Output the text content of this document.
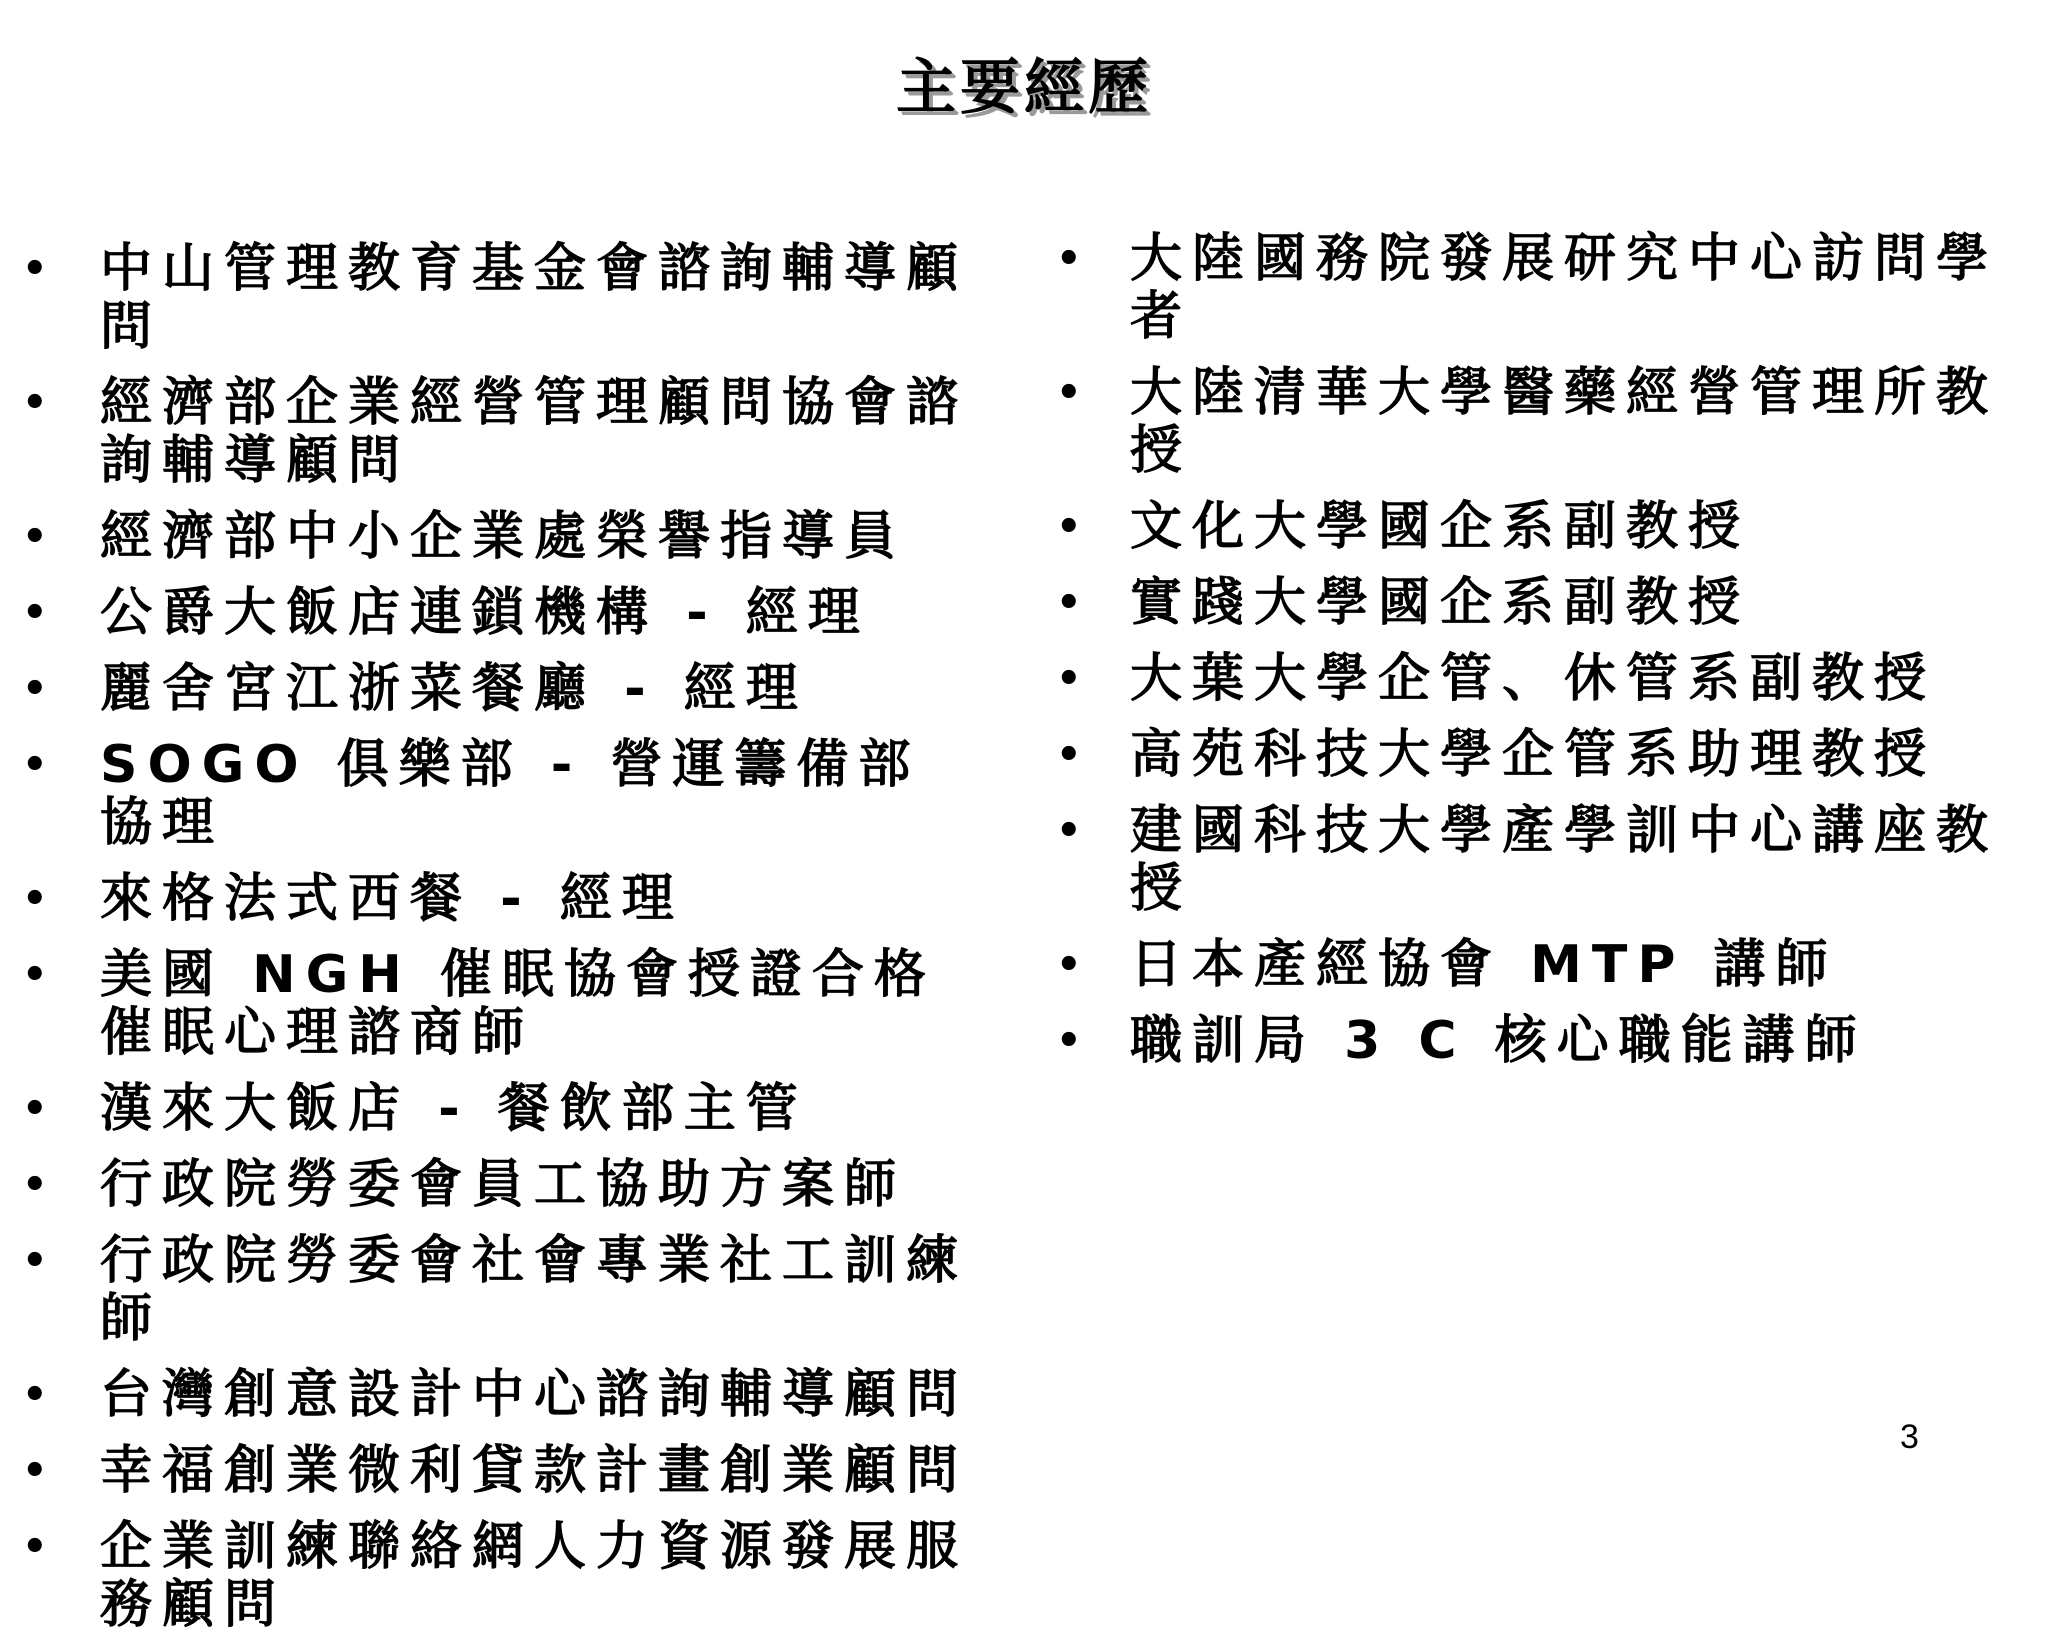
主要經歷
• 中山管理教育基金會諮詢輔導顧問
• 經濟部企業經營管理顧問協會諮詢輔導顧問
• 經濟部中小企業處榮譽指導員
• 公爵大飯店連鎖機構 - 經理
• 麗舍宮江浙菜餐廳 - 經理
• SOGO 俱樂部 - 營運籌備部協理
• 來格法式西餐 - 經理
• 美國 NGH 催眠協會授證合格催眠心理諮商師
• 漢來大飯店 - 餐飲部主管
• 行政院勞委會員工協助方案師
• 行政院勞委會社會專業社工訓練師
• 台灣創意設計中心諮詢輔導顧問
• 幸福創業微利貸款計畫創業顧問
• 企業訓練聯絡網人力資源發展服務顧問
• 大陸國務院發展研究中心訪問學者
• 大陸清華大學醫藥經營管理所教授
• 文化大學國企系副教授
• 實踐大學國企系副教授
• 大葉大學企管、休管系副教授
• 高苑科技大學企管系助理教授
• 建國科技大學產學訓中心講座教授
• 日本產經協會 MTP 講師
• 職訓局 3 C 核心職能講師
3
